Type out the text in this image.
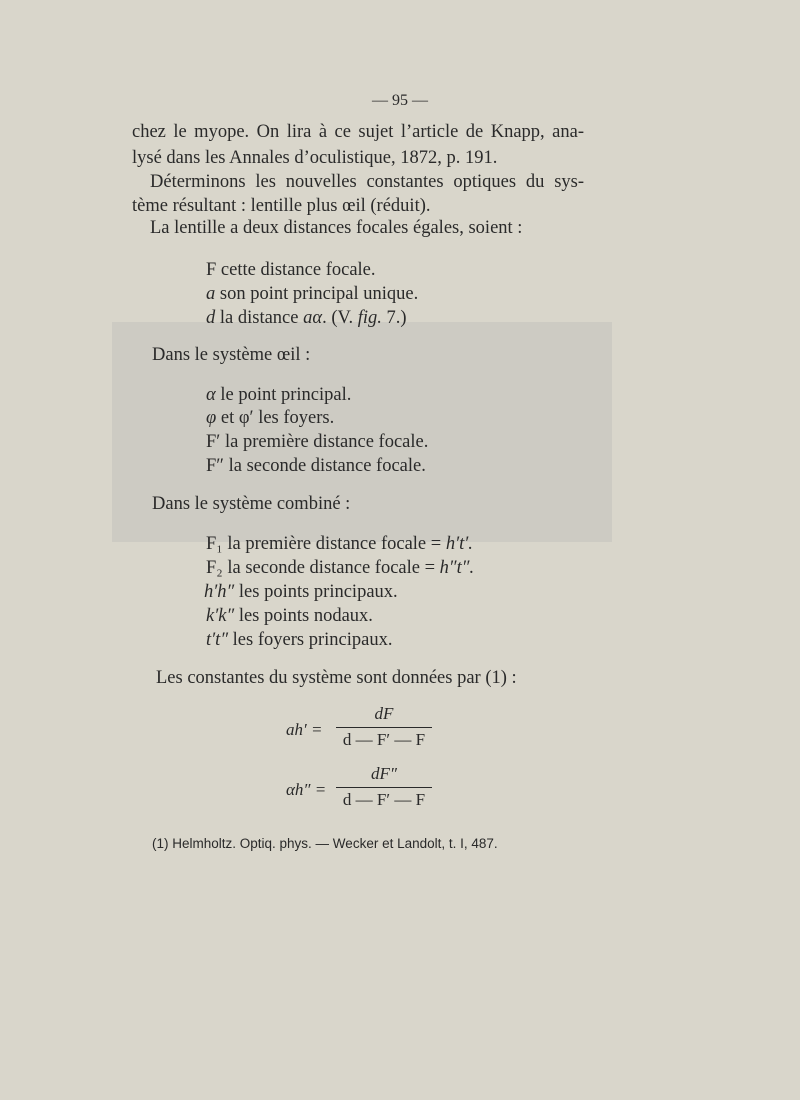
— 95 —
chez le myope. On lira à ce sujet l’article de Knapp, ana-
lysé dans les Annales d’oculistique, 1872, p. 191.
Déterminons les nouvelles constantes optiques du sys-
tème résultant : lentille plus œil (réduit).
La lentille a deux distances focales égales, soient :
F cette distance focale.
a son point principal unique.
d la distance aα. (V. fig. 7.)
Dans le système œil :
α le point principal.
φ et φ′ les foyers.
F′ la première distance focale.
F″ la seconde distance focale.
Dans le système combiné :
F₁ la première distance focale = h′t′.
F₂ la seconde distance focale = h″t″.
h′h″ les points principaux.
k′k″ les points nodaux.
t′t″ les foyers principaux.
Les constantes du système sont données par (1) :
ah′ =
dF
d — F′ — F
αh″ =
dF″
d — F′ — F
(1) Helmholtz. Optiq. phys. — Wecker et Landolt, t. I, 487.
